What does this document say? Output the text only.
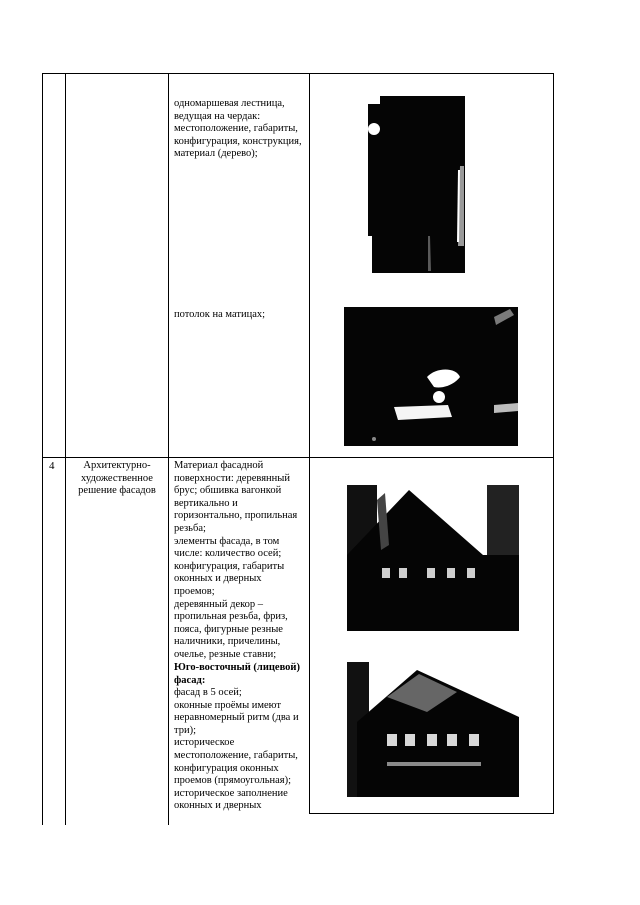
одномаршевая лестница,
ведущая на чердак:
местоположение, габариты,
конфигурация, конструкция,
материал (дерево);
потолок на матицах;
4	Архитектурно-
художественное
решение фасадов
Материал фасадной
поверхности: деревянный
брус; обшивка вагонкой
вертикально и
горизонтально, пропильная
резьба;
элементы фасада, в том
числе: количество осей;
конфигурация, габариты
оконных и дверных
проемов;
деревянный декор –
пропильная резьба, фриз,
пояса, фигурные резные
наличники, причелины,
очелье, резные ставни;
Юго-восточный (лицевой)
фасад:
фасад в 5 осей;
оконные проёмы имеют
неравномерный ритм (два и
три);
историческое
местоположение, габариты,
конфигурация оконных
проемов (прямоугольная);
историческое заполнение
оконных и дверных
